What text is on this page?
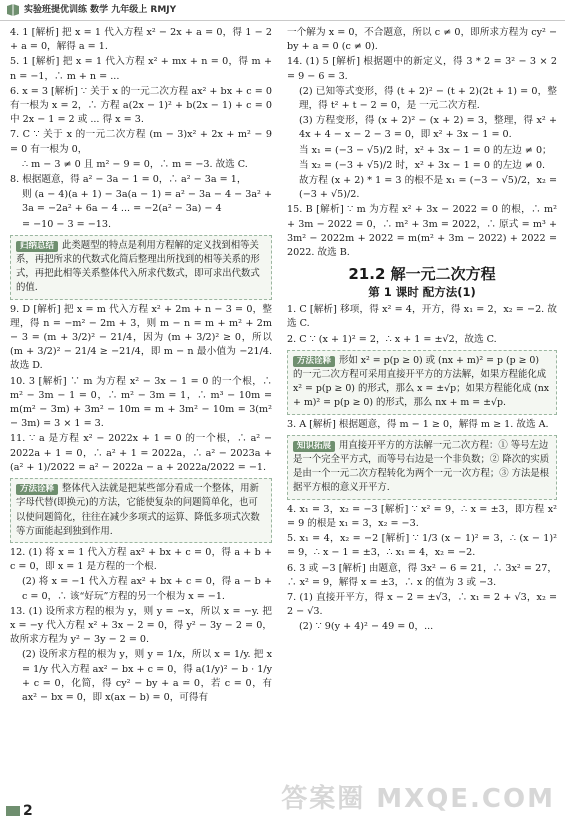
实验班提优训练 数学 九年级上 RMJY

4. 1 [解析] 把 x = 1 代入方程 x² − 2x + a = 0，得 1 − 2 + a = 0，解得 a = 1.

5. 1 [解析] 把 x = 1 代入方程 x² + mx + n = 0，得 m + n = −1，∴ m + n = ...

6. x = 3 [解析] ∵ 关于 x 的一元二次方程 ax² + bx + c = 0 有一根为 x = 2，∴ 方程 a(2x − 1)² + b(2x − 1) + c = 0 中 2x − 1 = 2 或 ... 得 x = 3.

7. C ∵ 关于 x 的一元二次方程 (m − 3)x² + 2x + m² − 9 = 0 有一根为 0，

∴ m − 3 ≠ 0 且 m² − 9 = 0，∴ m = −3. 故选 C.

8. 根据题意，得 a² − 3a − 1 = 0，∴ a² − 3a = 1，

则 (a − 4)(a + 1) − 3a(a − 1) = a² − 3a − 4 − 3a² + 3a = −2a² + 6a − 4 ... = −2(a² − 3a) − 4

= −10 − 3 = −13.

归纳总结 此类题型的特点是利用方程解的定义找到相等关系，再把所求的代数式化简后整理出所找到的相等关系的形式，再把此相等关系整体代入所求代数式，即可求出代数式的值.

9. D [解析] 把 x = m 代入方程 x² + 2m + n − 3 = 0，整理，得 n = −m² − 2m + 3，则 m − n = m + m² + 2m − 3 = (m + 3/2)² − 21/4，因为 (m + 3/2)² ≥ 0，所以 (m + 3/2)² − 21/4 ≥ −21/4，即 m − n 最小值为 −21/4. 故选 D.

10. 3 [解析] ∵ m 为方程 x² − 3x − 1 = 0 的一个根，∴ m² − 3m − 1 = 0，∴ m² − 3m = 1，∴ m³ − 10m = m(m² − 3m) + 3m² − 10m = m + 3m² − 10m = 3(m² − 3m) = 3 × 1 = 3.

11. ∵ a 是方程 x² − 2022x + 1 = 0 的一个根，∴ a² − 2022a + 1 = 0，∴ a² + 1 = 2022a，∴ a² − 2023a + (a² + 1)/2022 = a² − 2022a − a + 2022a/2022 = −1.

方法诠释 整体代入法就是把某些部分看成一个整体，用新字母代替(即换元)的方法，它能使复杂的问题简单化，也可以使问题简化，往往在减少多项式的运算、降低多项式次数等方面能起到独到作用.

12. (1) 将 x = 1 代入方程 ax² + bx + c = 0，得 a + b + c = 0，即 x = 1 是方程的一个根.

(2) 将 x = −1 代入方程 ax² + bx + c = 0，得 a − b + c = 0，∴ 该“好玩”方程的另一个根为 x = −1.

13. (1) 设所求方程的根为 y，则 y = −x，所以 x = −y. 把 x = −y 代入方程 x² + 3x − 2 = 0，得 y² − 3y − 2 = 0，故所求方程为 y² − 3y − 2 = 0.

(2) 设所求方程的根为 y，则 y = 1/x，所以 x = 1/y. 把 x = 1/y 代入方程 ax² − bx + c = 0，得 a(1/y)² − b · 1/y + c = 0，化简，得 cy² − by + a = 0，若 c = 0，有 ax² − bx = 0，即 x(ax − b) = 0，可得有

一个解为 x = 0，不合题意，所以 c ≠ 0，即所求方程为 cy² − by + a = 0 (c ≠ 0).

14. (1) 5 [解析] 根据题中的新定义，得 3 * 2 = 3² − 3 × 2 = 9 − 6 = 3.

(2) 已知等式变形，得 (t + 2)² − (t + 2)(2t + 1) = 0，整理，得 t² + t − 2 = 0，是 一元二次方程.

(3) 方程变形，得 (x + 2)² − (x + 2) = 3，整理，得 x² + 4x + 4 − x − 2 − 3 = 0，即 x² + 3x − 1 = 0.

当 x₁ = (−3 − √5)/2 时，x² + 3x − 1 = 0 的左边 ≠ 0；

当 x₂ = (−3 + √5)/2 时，x² + 3x − 1 = 0 的左边 ≠ 0.

故方程 (x + 2) * 1 = 3 的根不是 x₁ = (−3 − √5)/2，x₂ = (−3 + √5)/2.

15. B [解析] ∵ m 为方程 x² + 3x − 2022 = 0 的根，∴ m² + 3m − 2022 = 0，∴ m² + 3m = 2022，∴ 原式 = m³ + 3m² − 2022m + 2022 = m(m² + 3m − 2022) + 2022 = 2022. 故选 B.

21.2 解一元二次方程
第 1 课时 配方法(1)

1. C [解析] 移项，得 x² = 4，开方，得 x₁ = 2，x₂ = −2. 故选 C.

2. C ∵ (x + 1)² = 2，∴ x + 1 = ±√2，故选 C.

方法诠释 形如 x² = p(p ≥ 0) 或 (nx + m)² = p (p ≥ 0) 的一元二次方程可采用直接开平方的方法解，如果方程能化成 x² = p(p ≥ 0) 的形式，那么 x = ±√p；如果方程能化成 (nx + m)² = p(p ≥ 0) 的形式，那么 nx + m = ±√p.

3. A [解析] 根据题意，得 m − 1 ≥ 0，解得 m ≥ 1. 故选 A.

知识拓展 用直接开平方的方法解一元二次方程：① 等号左边是一个完全平方式，而等号右边是一个非负数；② 降次的实质是由一个一元二次方程转化为两个一元一次方程；③ 方法是根据平方根的意义开平方.

4. x₁ = 3，x₂ = −3 [解析] ∵ x² = 9，∴ x = ±3，即方程 x² = 9 的根是 x₁ = 3，x₂ = −3.

5. x₁ = 4，x₂ = −2 [解析] ∵ 1/3 (x − 1)² = 3，∴ (x − 1)² = 9，∴ x − 1 = ±3，∴ x₁ = 4，x₂ = −2.

6. 3 或 −3 [解析] 由题意，得 3x² − 6 = 21，∴ 3x² = 27，∴ x² = 9，解得 x = ±3，∴ x 的值为 3 或 −3.

7. (1) 直接开平方，得 x − 2 = ±√3，∴ x₁ = 2 + √3，x₂ = 2 − √3.

(2) ∵ 9(y + 4)² − 49 = 0，...

2	答案圈 MXQE.COM
